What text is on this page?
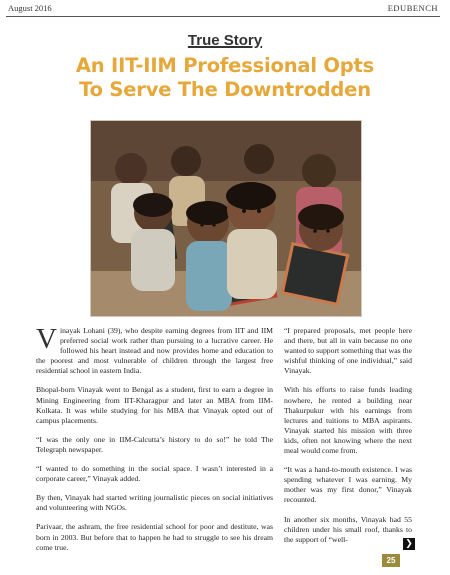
August 2016	EDUBENCH
True Story
An IIT-IIM Professional Opts
To Serve The Downtrodden

Vinayak Lohani (39), who despite earning degrees from IIT and IIM preferred social work rather than pursuing to a lucrative career. He followed his heart instead and now provides home and education to the poorest and most vulnerable of children through the largest free residential school in eastern India.

Bhopal-born Vinayak went to Bengal as a student, first to earn a degree in Mining Engineering from IIT-Kharagpur and later an MBA from IIM-Kolkata. It was while studying for his MBA that Vinayak opted out of campus placements.

“I was the only one in IIM-Calcutta’s history to do so!” he told The Telegraph newspaper.

“I wanted to do something in the social space. I wasn’t interested in a corporate career,” Vinayak added.

By then, Vinayak had started writing journalistic pieces on social initiatives and volunteering with NGOs.

Parivaar, the ashram, the free residential school for poor and destitute, was born in 2003. But before that to happen he had to struggle to see his dream come true.

“I prepared proposals, met people here and there, but all in vain because no one wanted to support something that was the wishful thinking of one individual,” said Vinayak.

With his efforts to raise funds leading nowhere, he rented a building near Thakurpukur with his earnings from lectures and tuitions to MBA aspirants. Vinayak started his mission with three kids, often not knowing where the next meal would come from.

“It was a hand-to-mouth existence. I was spending whatever I was earning. My mother was my first donor,” Vinayak recounted.

In another six months, Vinayak had 55 children under his small roof, thanks to the support of “well-	❯
25
